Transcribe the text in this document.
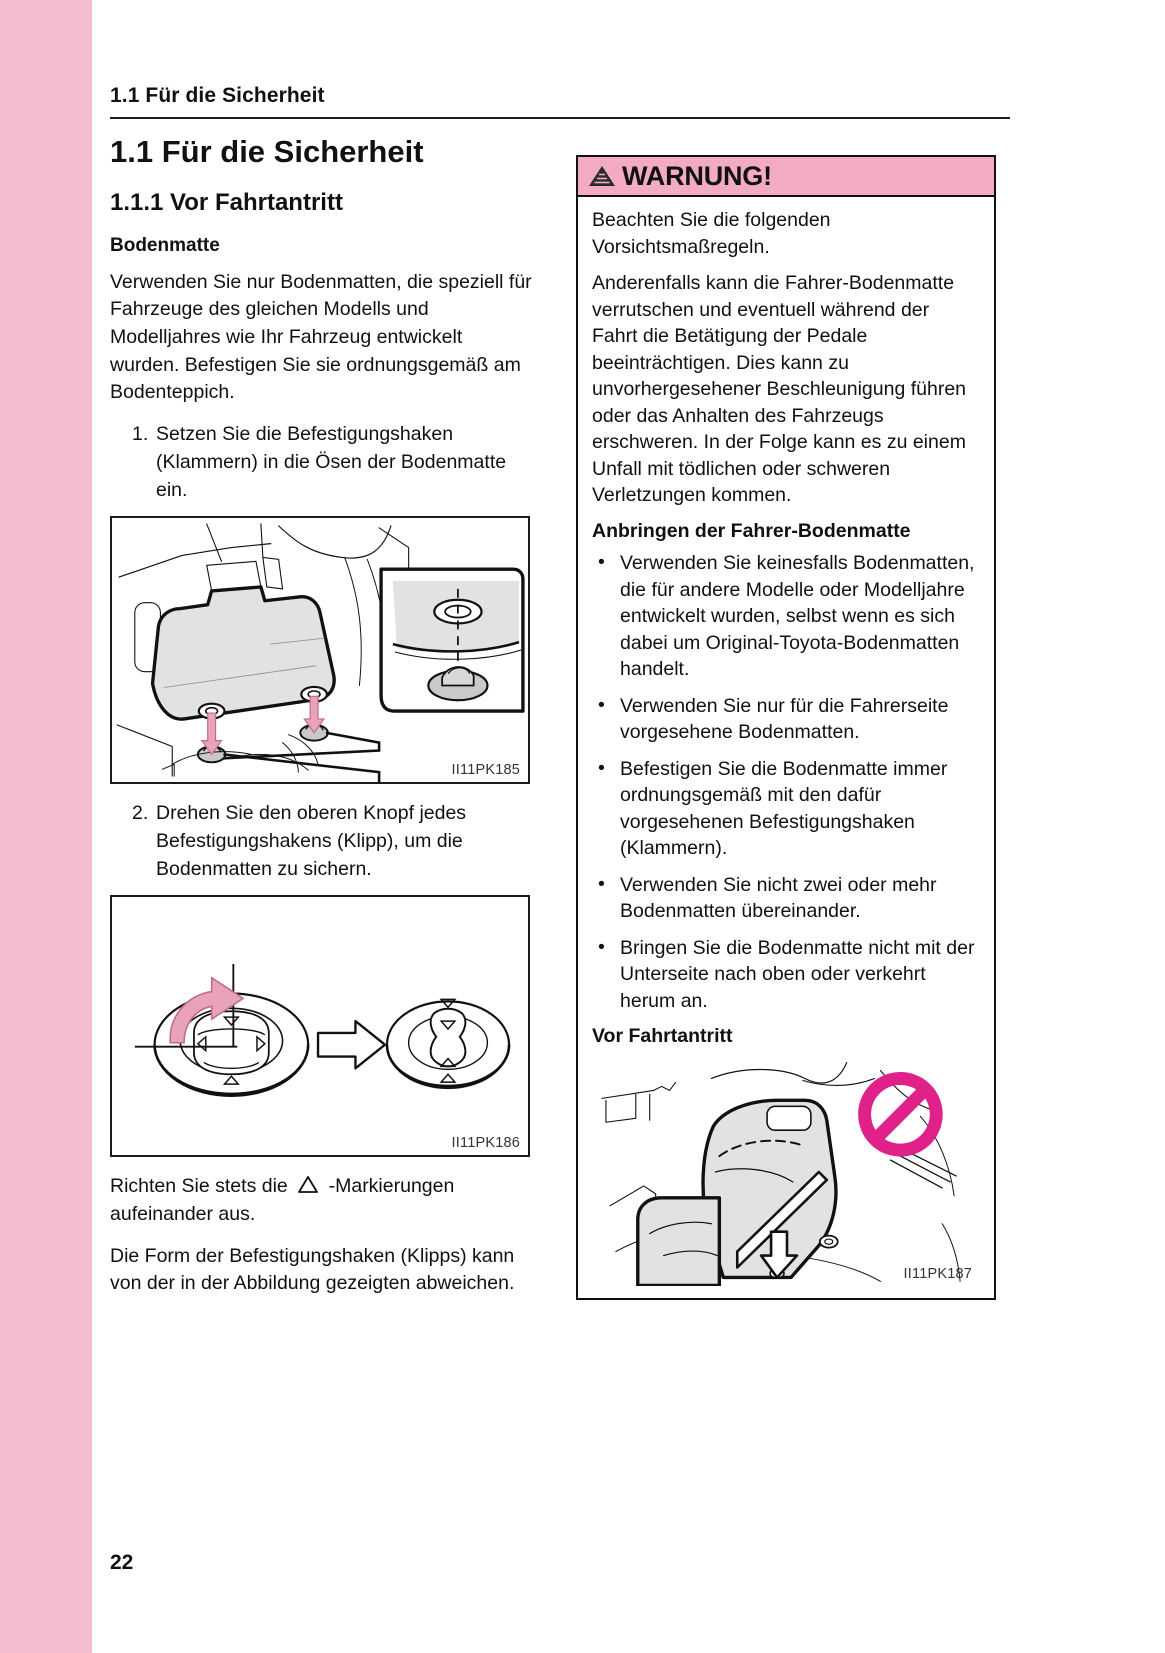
1.1 Für die Sicherheit
1.1 Für die Sicherheit
1.1.1 Vor Fahrtantritt
Bodenmatte

Verwenden Sie nur Bodenmatten, die speziell für Fahrzeuge des gleichen Modells und Modelljahres wie Ihr Fahrzeug entwickelt wurden. Befestigen Sie sie ordnungsgemäß am Bodenteppich.

1. Setzen Sie die Befestigungshaken (Klammern) in die Ösen der Bodenmatte ein.
II11PK185
2. Drehen Sie den oberen Knopf jedes Befestigungshakens (Klipp), um die Bodenmatten zu sichern.
II11PK186

Richten Sie stets die -Markierungen aufeinander aus.

Die Form der Befestigungshaken (Klipps) kann von der in der Abbildung gezeigten abweichen.

WARNUNG!

Beachten Sie die folgenden Vorsichtsmaßregeln.

Anderenfalls kann die Fahrer-Bodenmatte verrutschen und eventuell während der Fahrt die Betätigung der Pedale beeinträchtigen. Dies kann zu unvorhergesehener Beschleunigung führen oder das Anhalten des Fahrzeugs erschweren. In der Folge kann es zu einem Unfall mit tödlichen oder schweren Verletzungen kommen.

Anbringen der Fahrer-Bodenmatte
• Verwenden Sie keinesfalls Bodenmatten, die für andere Modelle oder Modelljahre entwickelt wurden, selbst wenn es sich dabei um Original-Toyota-Bodenmatten handelt.
• Verwenden Sie nur für die Fahrerseite vorgesehene Bodenmatten.
• Befestigen Sie die Bodenmatte immer ordnungsgemäß mit den dafür vorgesehenen Befestigungshaken (Klammern).
• Verwenden Sie nicht zwei oder mehr Bodenmatten übereinander.
• Bringen Sie die Bodenmatte nicht mit der Unterseite nach oben oder verkehrt herum an.
Vor Fahrtantritt
II11PK187
22
